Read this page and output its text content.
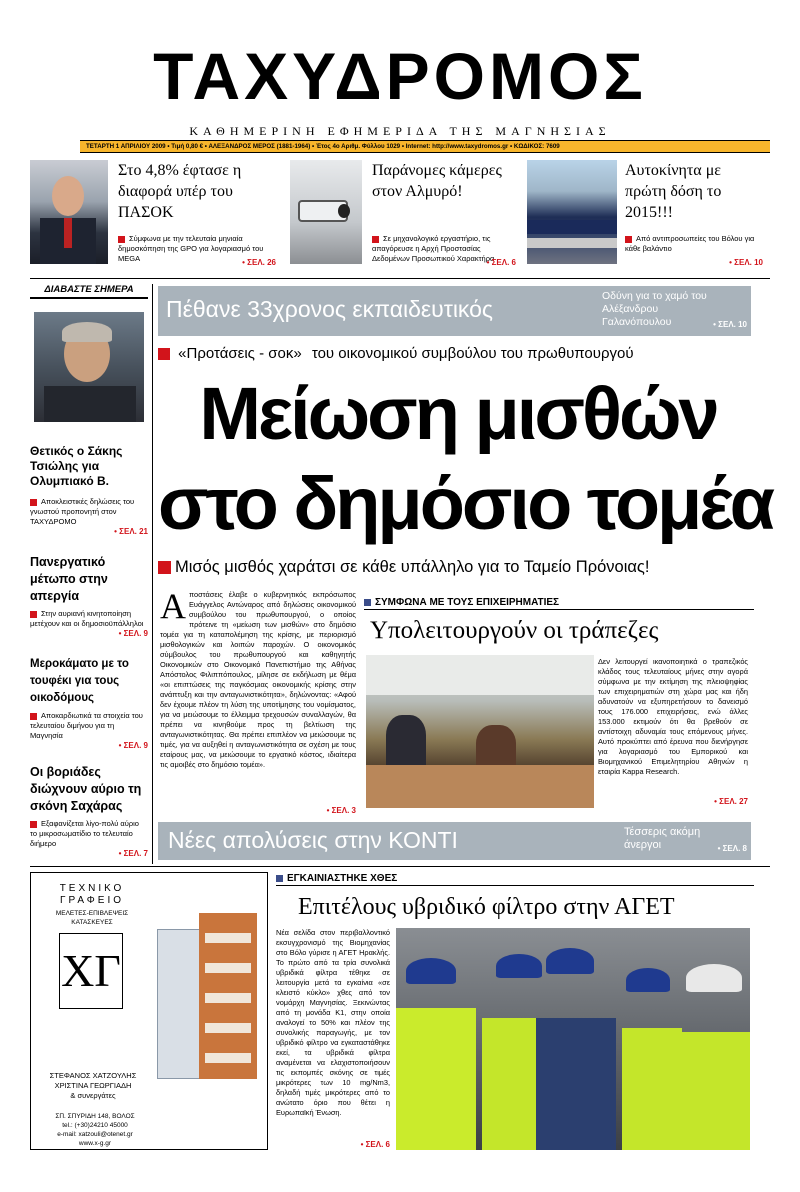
ΤΑΧΥΔΡΟΜΟΣ
ΚΑΘΗΜΕΡΙΝΗ ΕΦΗΜΕΡΙΔΑ ΤΗΣ ΜΑΓΝΗΣΙΑΣ
ΤΕΤΑΡΤΗ 1 ΑΠΡΙΛΙΟΥ 2009 • Τιμή 0,80 € • ΑΛΕΞΑΝΔΡΟΣ ΜΕΡΟΣ (1881-1964) • Έτος 4ο Αριθμ. Φύλλου 1029 • Internet: http://www.taxydromos.gr • ΚΩΔΙΚΟΣ: 7609
Στο 4,8% έφτασε η διαφορά υπέρ του ΠΑΣΟΚ
Σύμφωνα με την τελευταία μηνιαία δημοσκόπηση της GPO για λογαριασμό του MEGA	• ΣΕΛ. 26
Παράνομες κάμερες στον Αλμυρό!
Σε μηχανολογικό εργαστήριο, τις απαγόρευσε η Αρχή Προστασίας Δεδομένων Προσωπικού Χαρακτήρα
• ΣΕΛ. 6
Αυτοκίνητα με πρώτη δόση το 2015!!!
Από αντιπροσωπείες του Βόλου για κάθε βαλάντιο
• ΣΕΛ. 10
ΔΙΑΒΑΣΤΕ ΣΗΜΕΡΑ
Θετικός ο Σάκης Τσιώλης για Ολυμπιακό Β.
Αποκλειστικές δηλώσεις του γνωστού προπονητή στον ΤΑΧΥΔΡΟΜΟ
• ΣΕΛ. 21
Πανεργατικό μέτωπο στην απεργία
Στην αυριανή κινητοποίηση μετέχουν και οι δημοσιοϋπάλληλοι
• ΣΕΛ. 9
Μεροκάματο με το τουφέκι για τους οικοδόμους
Αποκαρδιωτικά τα στοιχεία του τελευταίου διμήνου για τη Μαγνησία
• ΣΕΛ. 9
Οι βοριάδες διώχνουν αύριο τη σκόνη Σαχάρας
Εξαφανίζεται λίγο-πολύ αύριο το μικροσωματίδιο το τελευταίο διήμερο
• ΣΕΛ. 7
Πέθανε 33χρονος εκπαιδευτικός	Οδύνη για το χαμό του Αλέξανδρου Γαλανόπουλου	• ΣΕΛ. 10
«Προτάσεις - σοκ» του οικονομικού συμβούλου του πρωθυπουργού
Μείωση μισθών
στο δημόσιο τομέα
Μισός μισθός χαράτσι σε κάθε υπάλληλο για το Ταμείο Πρόνοιας!
Α ποστάσεις έλαβε ο κυβερνητικός εκπρόσωπος Ευάγγελος Αντώναρος από δηλώσεις οικονομικού συμβούλου του πρωθυπουργού, ο οποίος πρότεινε τη «μείωση των μισθών» στο δημόσιο τομέα για τη καταπολέμηση της κρίσης, με περιορισμό μισθολογικών και λοιπών παροχών. Ο οικονομικός σύμβουλος του πρωθυπουργού και καθηγητής Οικονομικών στο Οικονομικό Πανεπιστήμιο της Αθήνας Απόστολος Φιλιππόπουλος, μίλησε σε εκδήλωση με θέμα «οι επιπτώσεις της παγκόσμιας οικονομικής κρίσης στην ανάπτυξη και την ανταγωνιστικότητα», δηλώνοντας: «Αφού δεν έχουμε πλέον τη λύση της υποτίμησης του νομίσματος, για να μειώσουμε το έλλειμμα τρεχουσών συναλλαγών, θα πρέπει να κινηθούμε προς τη βελτίωση της ανταγωνιστικότητας. Θα πρέπει επιπλέον να μειώσουμε τις τιμές, για να αυξηθεί η ανταγωνιστικότητα σε σχέση με τους εταίρους μας, να μειώσουμε το εργατικό κόστος, ιδιαίτερα τις αμοιβές στο δημόσιο τομέα».
• ΣΕΛ. 3
ΣΥΜΦΩΝΑ ΜΕ ΤΟΥΣ ΕΠΙΧΕΙΡΗΜΑΤΙΕΣ
Υπολειτουργούν οι τράπεζες
Δεν λειτουργεί ικανοποιητικά ο τραπεζικός κλάδος τους τελευταίους μήνες στην αγορά σύμφωνα με την εκτίμηση της πλειοψηφίας των επιχειρηματιών στη χώρα μας και ήδη αδυνατούν να εξυπηρετήσουν το δανεισμό τους 176.000 επιχειρήσεις, ενώ άλλες 153.000 εκτιμούν ότι θα βρεθούν σε αντίστοιχη αδυναμία τους επόμενους μήνες. Αυτό προκύπτει από έρευνα που διενήργησε για λογαριασμό του Εμπορικού και Βιομηχανικού Επιμελητηρίου Αθηνών η εταιρία Kappa Research.
• ΣΕΛ. 27
Νέες απολύσεις στην ΚΟΝΤΙ	Τέσσερις ακόμη άνεργοι	• ΣΕΛ. 8
ΤΕΧΝΙΚΟ
ΓΡΑΦΕΙΟ
ΜΕΛΕΤΕΣ-ΕΠΙΒΛΕΨΕΙΣ ΚΑΤΑΣΚΕΥΕΣ
ΧΓ
ΣΤΕΦΑΝΟΣ ΧΑΤΖΟΥΛΗΣ
ΧΡΙΣΤΙΝΑ ΓΕΩΡΓΙΑΔΗ
& συνεργάτες
ΣΠ. ΣΠΥΡΙΔΗ 148, ΒΟΛΟΣ
tel.: (+30)24210 45000
e-mail: xatzouli@otenet.gr
www.x-g.gr
ΕΓΚΑΙΝΙΑΣΤΗΚΕ ΧΘΕΣ
Επιτέλους υβριδικό φίλτρο στην ΑΓΕΤ
Νέα σελίδα στον περιβαλλοντικό εκσυγχρονισμό της Βιομηχανίας στο Βόλο γύρισε η ΑΓΕΤ Ηρακλής. Το πρώτο από τα τρία συνολικά υβριδικά φίλτρα τέθηκε σε λειτουργία μετά τα εγκαίνια «σε κλειστό κύκλο» χθες από τον νομάρχη Μαγνησίας. Ξεκινώντας από τη μονάδα Κ1, στην οποία αναλογεί το 50% και πλέον της συνολικής παραγωγής, με τον υβριδικό φίλτρο να εγκαταστάθηκε εκεί, τα υβριδικά φίλτρα αναμένεται να ελαχιστοποιήσουν τις εκπομπές σκόνης σε τιμές μικρότερες των 10 mg/Nm3, δηλαδή τιμές μικρότερες από το ανώτατο όριο που θέτει η Ευρωπαϊκή Ένωση.
• ΣΕΛ. 6
